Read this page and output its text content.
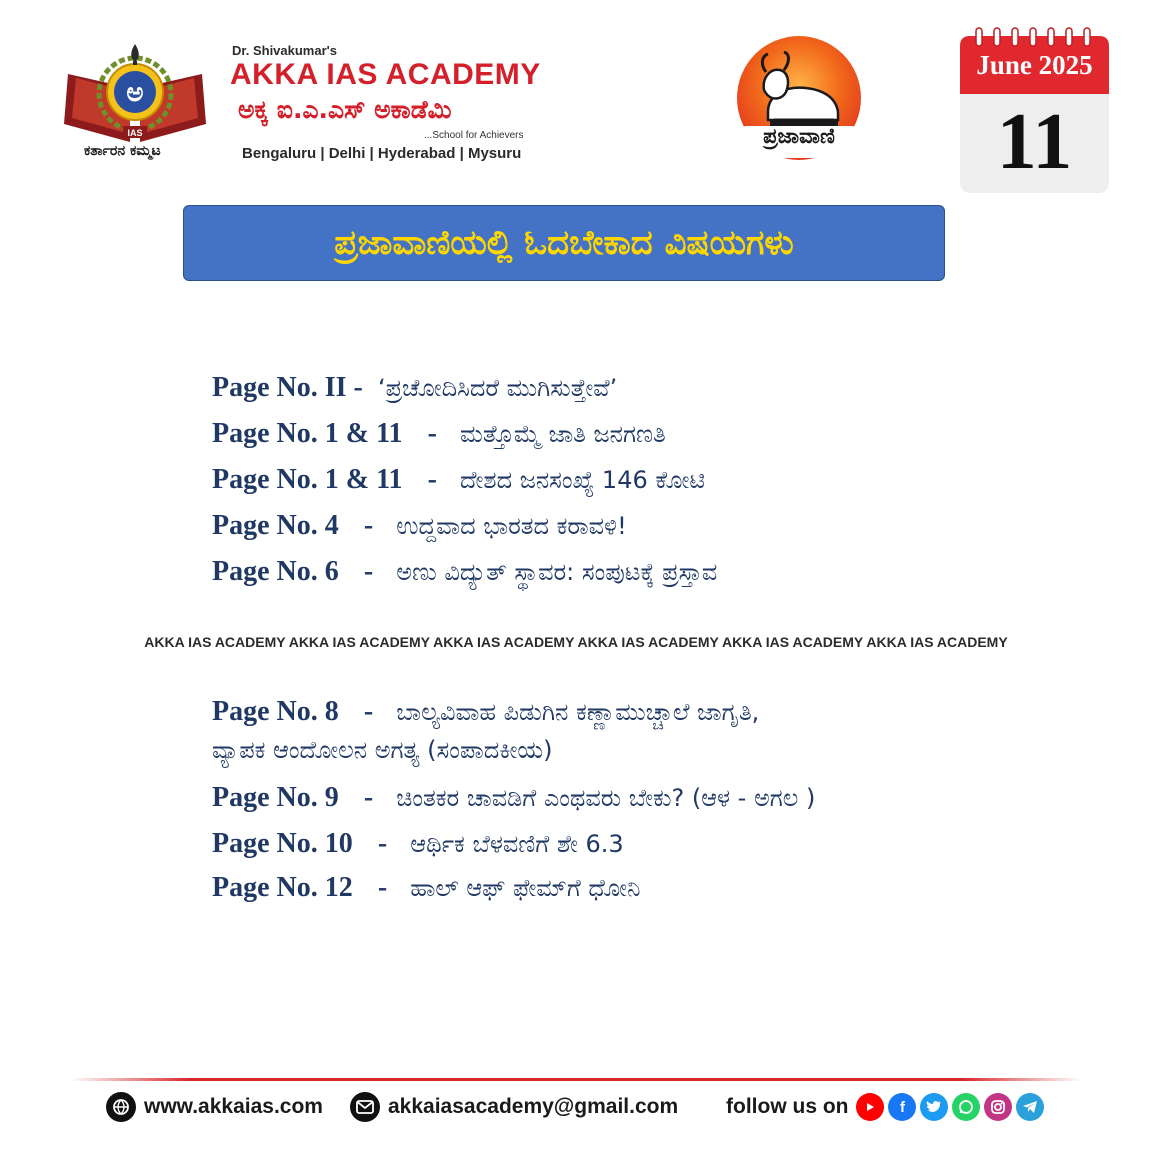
ಅ
IAS
ಕರ್ತಾರನ ಕಮ್ಮಟ
Dr. Shivakumar's
AKKA IAS ACADEMY
ಅಕ್ಕ ಐ.ಎ.ಎಸ್ ಅಕಾಡೆಮಿ
...School for Achievers
Bengaluru | Delhi | Hyderabad | Mysuru
ಪ್ರಜಾವಾಣಿ
June 2025
11
ಪ್ರಜಾವಾಣಿಯಲ್ಲಿ ಓದಬೇಕಾದ ವಿಷಯಗಳು
Page No. II - ‘ಪ್ರಚೋದಿಸಿದರೆ ಮುಗಿಸುತ್ತೇವೆ’
Page No. 1 & 11 - ಮತ್ತೊಮ್ಮೆ ಜಾತಿ ಜನಗಣತಿ
Page No. 1 & 11 - ದೇಶದ ಜನಸಂಖ್ಯೆ 146 ಕೋಟಿ
Page No. 4 - ಉದ್ದವಾದ ಭಾರತದ ಕರಾವಳಿ!
Page No. 6 - ಅಣು ವಿದ್ಯುತ್ ಸ್ಥಾವರ: ಸಂಪುಟಕ್ಕೆ ಪ್ರಸ್ತಾವ
AKKA IAS ACADEMY AKKA IAS ACADEMY AKKA IAS ACADEMY AKKA IAS ACADEMY AKKA IAS ACADEMY AKKA IAS ACADEMY
Page No. 8 - ಬಾಲ್ಯವಿವಾಹ ಪಿಡುಗಿನ ಕಣ್ಣಾಮುಚ್ಚಾಲೆ ಜಾಗೃತಿ,
ವ್ಯಾಪಕ ಆಂದೋಲನ ಅಗತ್ಯ (ಸಂಪಾದಕೀಯ)
Page No. 9 - ಚಿಂತಕರ ಚಾವಡಿಗೆ ಎಂಥವರು ಬೇಕು? (ಆಳ - ಅಗಲ )
Page No. 10 - ಆರ್ಥಿಕ ಬೆಳವಣಿಗೆ ಶೇ 6.3
Page No. 12 - ಹಾಲ್ ಆಫ್ ಫೇಮ್‌ಗೆ ಧೋನಿ
www.akkaias.com	akkaiasacademy@gmail.com follow us on	f
